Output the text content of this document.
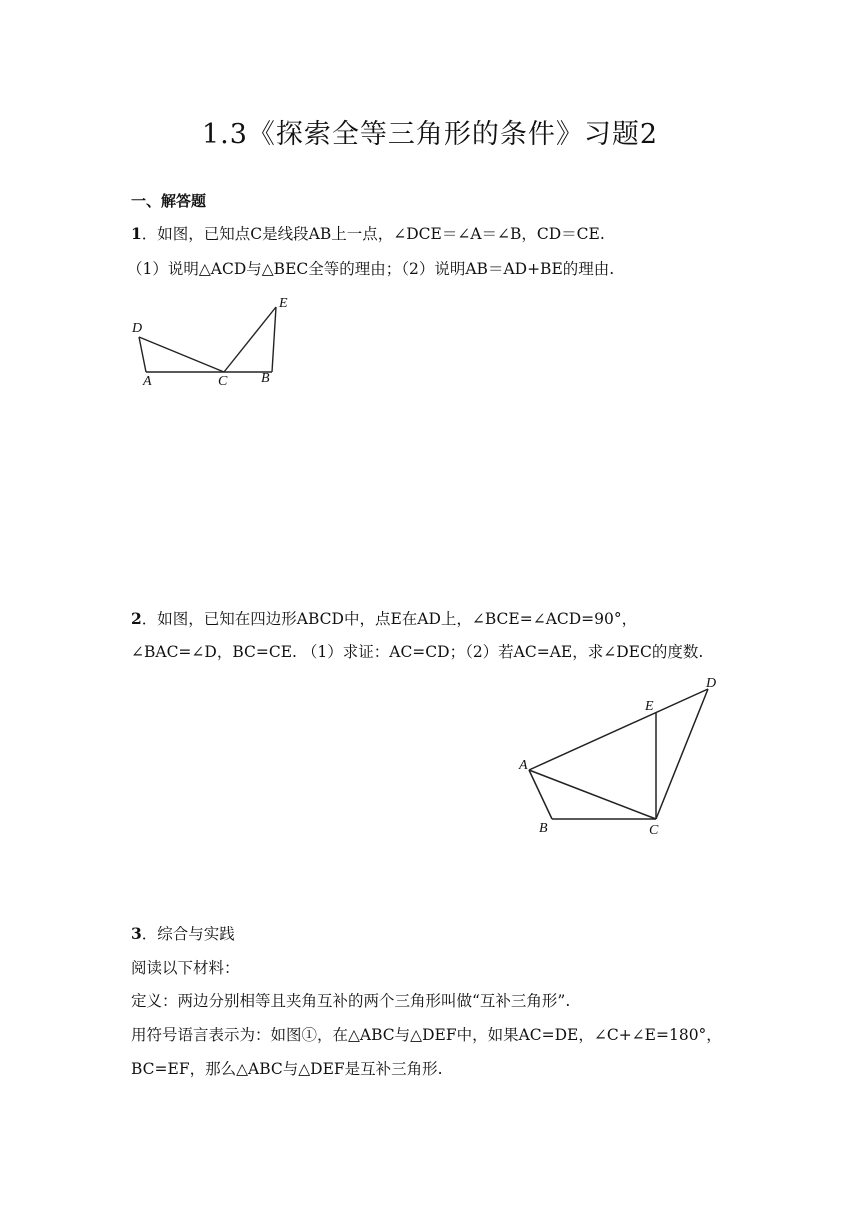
1.3《探索全等三角形的条件》习题2
一、解答题
1．如图，已知点C是线段AB上一点，∠DCE＝∠A＝∠B，CD＝CE.
（1）说明△ACD与△BEC全等的理由；（2）说明AB＝AD+BE的理由.
D
A	C B
E
2．如图，已知在四边形ABCD中，点E在AD上，∠BCE=∠ACD=90°，
∠BAC=∠D，BC=CE. （1）求证：AC=CD；（2）若AC=AE，求∠DEC的度数.
A
B	C
E
D
3．综合与实践
阅读以下材料：
定义：两边分别相等且夹角互补的两个三角形叫做“互补三角形”.
用符号语言表示为：如图①，在△ABC与△DEF中，如果AC=DE，∠C+∠E=180°，
BC=EF，那么△ABC与△DEF是互补三角形.
